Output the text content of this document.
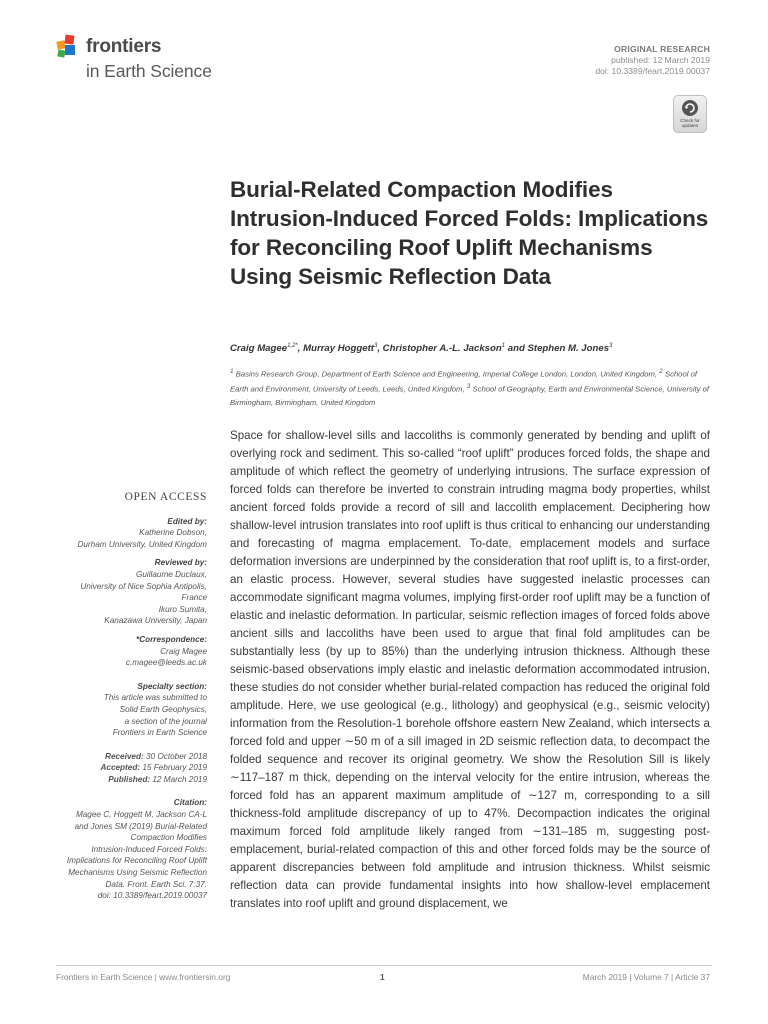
frontiers
in Earth Science
ORIGINAL RESEARCH
published: 12 March 2019
doi: 10.3389/feart.2019.00037
Check for
updates
Burial-Related Compaction Modifies Intrusion-Induced Forced Folds: Implications for Reconciling Roof Uplift Mechanisms Using Seismic Reflection Data
Craig Magee$^{1,2*}$, Murray Hoggett$^3$, Christopher A.-L. Jackson$^1$ and Stephen M. Jones$^3$
$^1$ Basins Research Group, Department of Earth Science and Engineering, Imperial College London, London, United Kingdom, $^2$ School of Earth and Environment, University of Leeds, Leeds, United Kingdom, $^3$ School of Geography, Earth and Environmental Science, University of Birmingham, Birmingham, United Kingdom

Space for shallow-level sills and laccoliths is commonly generated by bending and uplift of overlying rock and sediment. This so-called “roof uplift” produces forced folds, the shape and amplitude of which reflect the geometry of underlying intrusions. The surface expression of forced folds can therefore be inverted to constrain intruding magma body properties, whilst ancient forced folds provide a record of sill and laccolith emplacement. Deciphering how shallow-level intrusion translates into roof uplift is thus critical to enhancing our understanding and forecasting of magma emplacement. To-date, emplacement models and surface deformation inversions are underpinned by the consideration that roof uplift is, to a first-order, an elastic process. However, several studies have suggested inelastic processes can accommodate significant magma volumes, implying first-order roof uplift may be a function of elastic and inelastic deformation. In particular, seismic reflection images of forced folds above ancient sills and laccoliths have been used to argue that final fold amplitudes can be substantially less (by up to 85%) than the underlying intrusion thickness. Although these seismic-based observations imply elastic and inelastic deformation accommodated intrusion, these studies do not consider whether burial-related compaction has reduced the original fold amplitude. Here, we use geological (e.g., lithology) and geophysical (e.g., seismic velocity) information from the Resolution-1 borehole offshore eastern New Zealand, which intersects a forced fold and upper ∼50 m of a sill imaged in 2D seismic reflection data, to decompact the folded sequence and recover its original geometry. We show the Resolution Sill is likely ∼117–187 m thick, depending on the interval velocity for the entire intrusion, whereas the forced fold has an apparent maximum amplitude of ∼127 m, corresponding to a sill thickness-fold amplitude discrepancy of up to 47%. Decompaction indicates the original maximum forced fold amplitude likely ranged from ∼131–185 m, suggesting post-emplacement, burial-related compaction of this and other forced folds may be the source of apparent discrepancies between fold amplitude and intrusion thickness. Whilst seismic reflection data can provide fundamental insights into how shallow-level emplacement translates into roof uplift and ground displacement, we

OPEN ACCESS
Edited by:
Katherine Dobson,
Durham University, United Kingdom
Reviewed by:
Guillaume Duclaux,
University of Nice Sophia Antipolis,
France
Ikuro Sumita,
Kanazawa University, Japan
*Correspondence:
Craig Magee
c.magee@leeds.ac.uk
Specialty section:
This article was submitted to
Solid Earth Geophysics,
a section of the journal
Frontiers in Earth Science
Received: 30 October 2018
Accepted: 15 February 2019
Published: 12 March 2019
Citation:
Magee C, Hoggett M, Jackson CA-L
and Jones SM (2019) Burial-Related
Compaction Modifies
Intrusion-Induced Forced Folds:
Implications for Reconciling Roof Uplift
Mechanisms Using Seismic Reflection
Data. Front. Earth Sci. 7:37.
doi: 10.3389/feart.2019.00037
Frontiers in Earth Science | www.frontiersin.org	1	March 2019 | Volume 7 | Article 37
